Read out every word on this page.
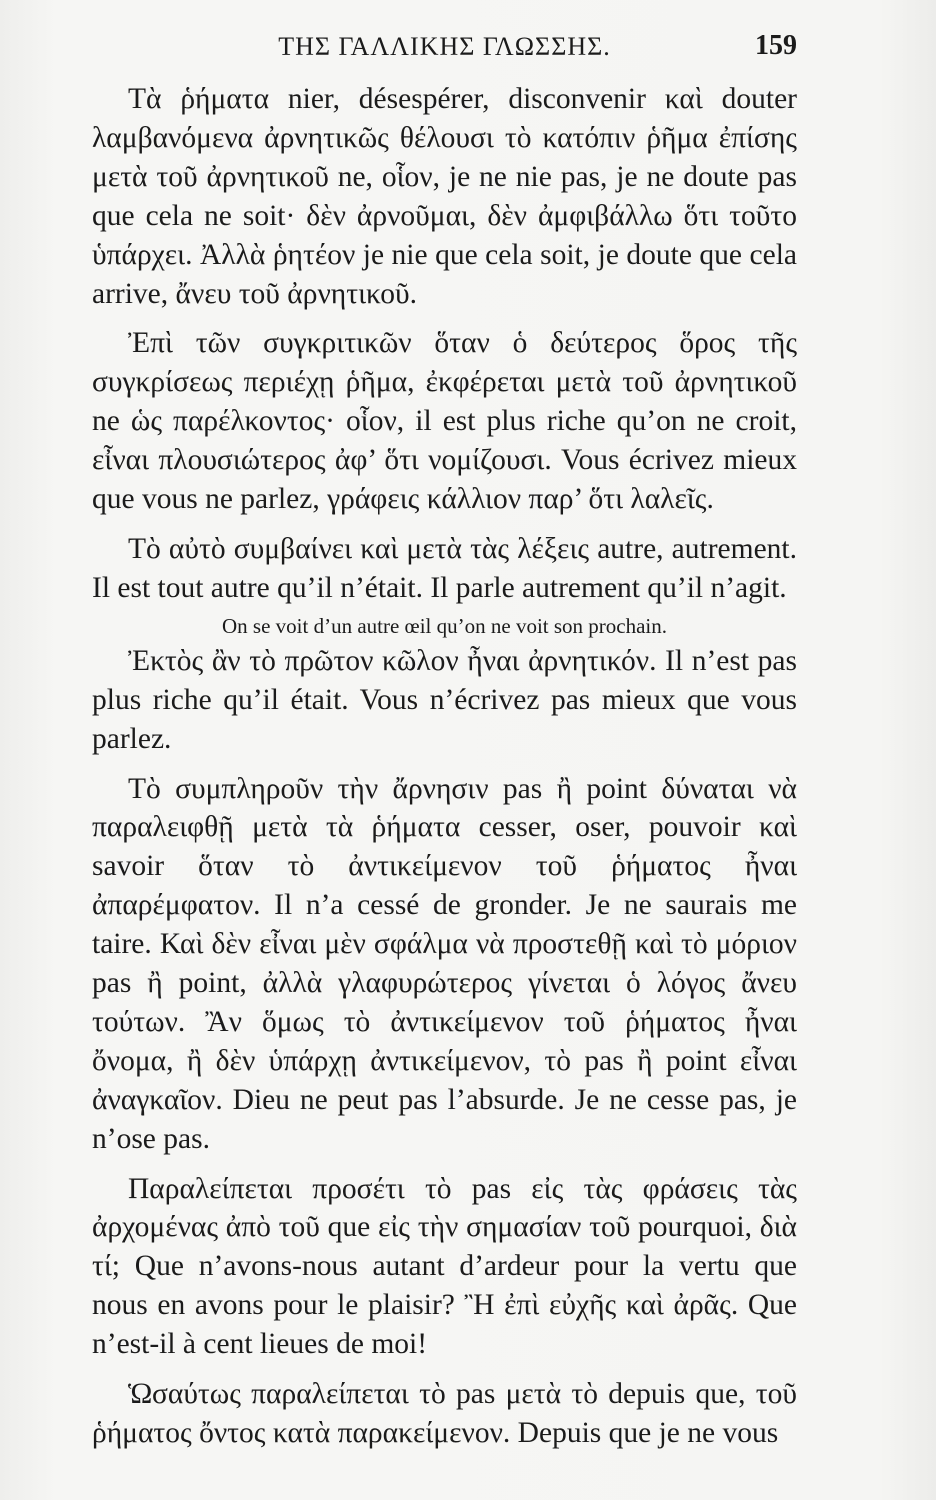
ΤΗΣ ΓΑΛΛΙΚΗΣ ΓΛΩΣΣΗΣ.	159

Τὰ ῥήματα nier, désespérer, disconvenir καὶ douter λαμβανόμενα ἀρνητικῶς θέλουσι τὸ κατόπιν ῥῆμα ἐπίσης μετὰ τοῦ ἀρνητικοῦ ne, οἷον, je ne nie pas, je ne doute pas que cela ne soit· δὲν ἀρνοῦμαι, δὲν ἀμφιβάλλω ὅτι τοῦτο ὑπάρχει. Ἀλλὰ ῥητέον je nie que cela soit, je doute que cela arrive, ἄνευ τοῦ ἀρνητικοῦ.

Ἐπὶ τῶν συγκριτικῶν ὅταν ὁ δεύτερος ὅρος τῆς συγκρίσεως περιέχῃ ῥῆμα, ἐκφέρεται μετὰ τοῦ ἀρνητικοῦ ne ὡς παρέλκοντος· οἷον, il est plus riche qu’on ne croit, εἶναι πλουσιώτερος ἀφ’ ὅτι νομίζουσι. Vous écrivez mieux que vous ne parlez, γράφεις κάλλιον παρ’ ὅτι λαλεῖς.

Τὸ αὐτὸ συμβαίνει καὶ μετὰ τὰς λέξεις autre, autrement. Il est tout autre qu’il n’était. Il parle autrement qu’il n’agit.

On se voit d’un autre œil qu’on ne voit son prochain.

Ἐκτὸς ἂν τὸ πρῶτον κῶλον ἦναι ἀρνητικόν. Il n’est pas plus riche qu’il était. Vous n’écrivez pas mieux que vous parlez.

Τὸ συμπληροῦν τὴν ἄρνησιν pas ἢ point δύναται νὰ παραλειφθῇ μετὰ τὰ ῥήματα cesser, oser, pouvoir καὶ savoir ὅταν τὸ ἀντικείμενον τοῦ ῥήματος ἦναι ἀπαρέμφατον. Il n’a cessé de gronder. Je ne saurais me taire. Καὶ δὲν εἶναι μὲν σφάλμα νὰ προστεθῇ καὶ τὸ μόριον pas ἢ point, ἀλλὰ γλαφυρώτερος γίνεται ὁ λόγος ἄνευ τούτων. Ἂν ὅμως τὸ ἀντικείμενον τοῦ ῥήματος ἦναι ὄνομα, ἢ δὲν ὑπάρχῃ ἀντικείμενον, τὸ pas ἢ point εἶναι ἀναγκαῖον. Dieu ne peut pas l’absurde. Je ne cesse pas, je n’ose pas.

Παραλείπεται προσέτι τὸ pas εἰς τὰς φράσεις τὰς ἀρχομένας ἀπὸ τοῦ que εἰς τὴν σημασίαν τοῦ pourquoi, διὰ τί; Que n’avons-nous autant d’ardeur pour la vertu que nous en avons pour le plaisir? Ἢ ἐπὶ εὐχῆς καὶ ἀρᾶς. Que n’est-il à cent lieues de moi!

Ὡσαύτως παραλείπεται τὸ pas μετὰ τὸ depuis que, τοῦ ῥήματος ὄντος κατὰ παρακείμενον. Depuis que je ne vous
